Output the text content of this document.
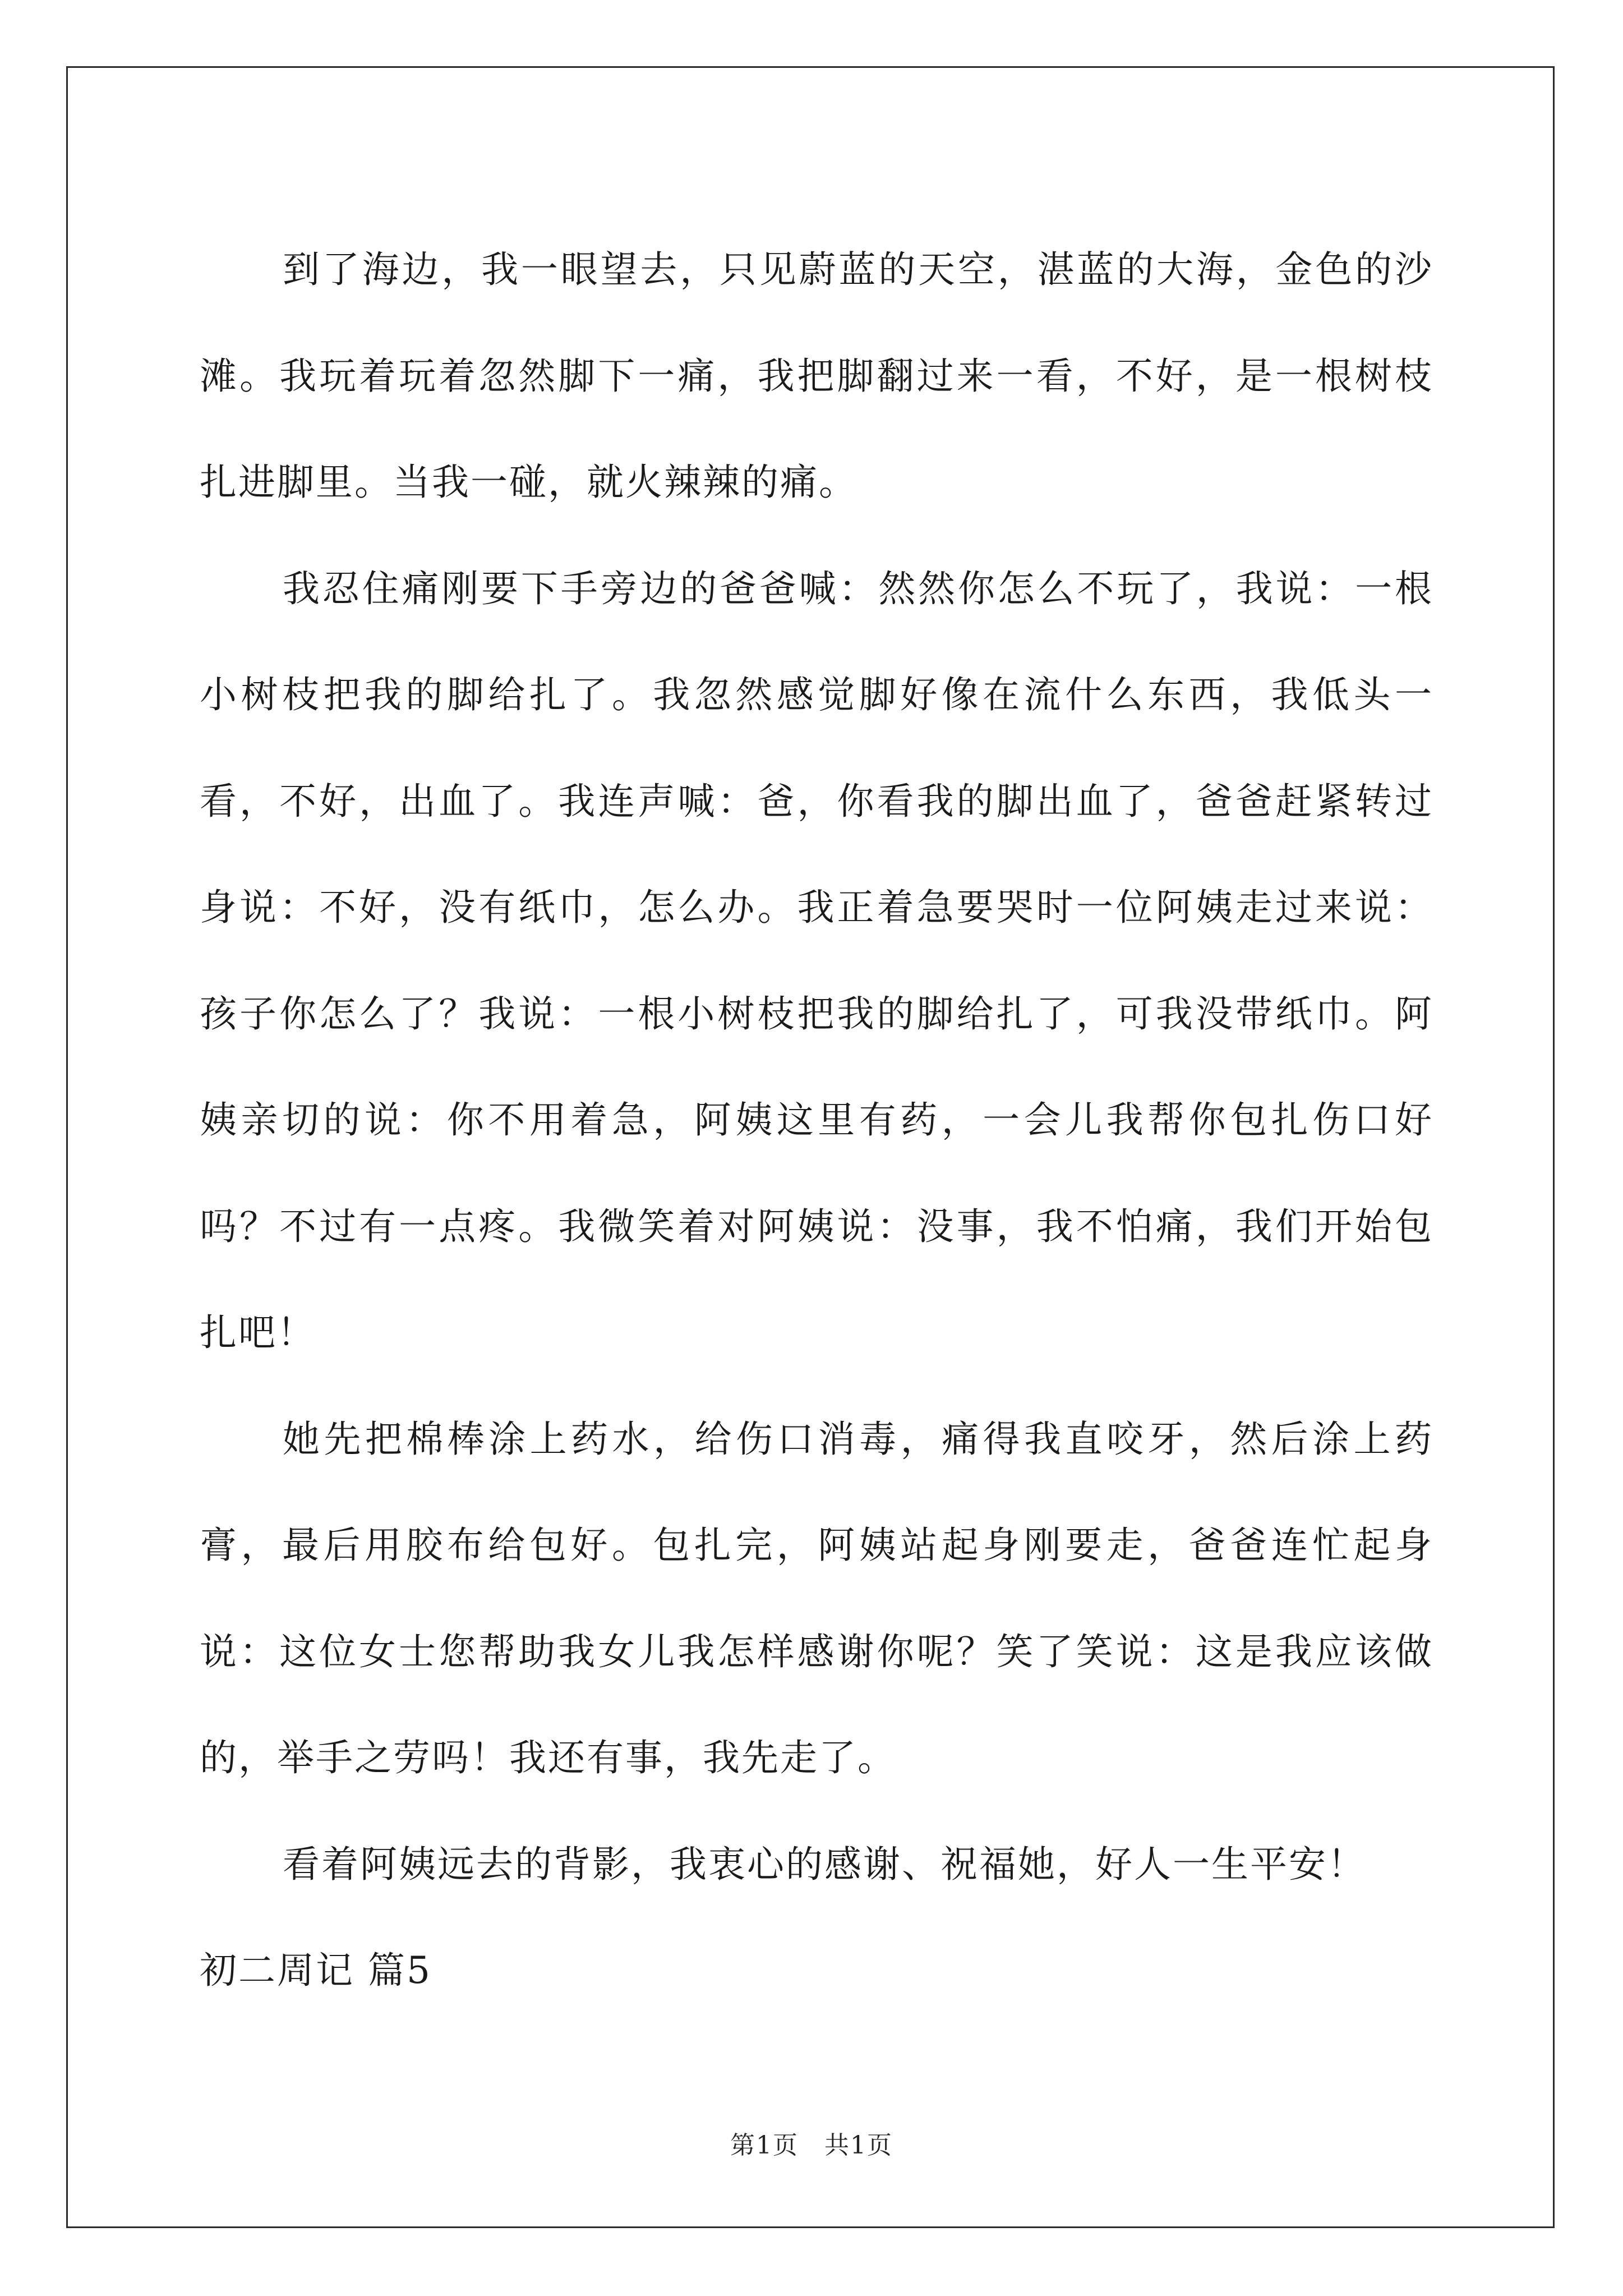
到了海边，我一眼望去，只见蔚蓝的天空，湛蓝的大海，金色的沙滩。我玩着玩着忽然脚下一痛，我把脚翻过来一看，不好，是一根树枝扎进脚里。当我一碰，就火辣辣的痛。

我忍住痛刚要下手旁边的爸爸喊：然然你怎么不玩了，我说：一根小树枝把我的脚给扎了。我忽然感觉脚好像在流什么东西，我低头一看，不好，出血了。我连声喊：爸，你看我的脚出血了，爸爸赶紧转过身说：不好，没有纸巾，怎么办。我正着急要哭时一位阿姨走过来说：孩子你怎么了？我说：一根小树枝把我的脚给扎了，可我没带纸巾。阿姨亲切的说：你不用着急，阿姨这里有药，一会儿我帮你包扎伤口好吗？不过有一点疼。我微笑着对阿姨说：没事，我不怕痛，我们开始包扎吧！

她先把棉棒涂上药水，给伤口消毒，痛得我直咬牙，然后涂上药膏，最后用胶布给包好。包扎完，阿姨站起身刚要走，爸爸连忙起身说：这位女士您帮助我女儿我怎样感谢你呢？笑了笑说：这是我应该做的，举手之劳吗！我还有事，我先走了。

看着阿姨远去的背影，我衷心的感谢、祝福她，好人一生平安！

初二周记 篇5

第1页　共1页
